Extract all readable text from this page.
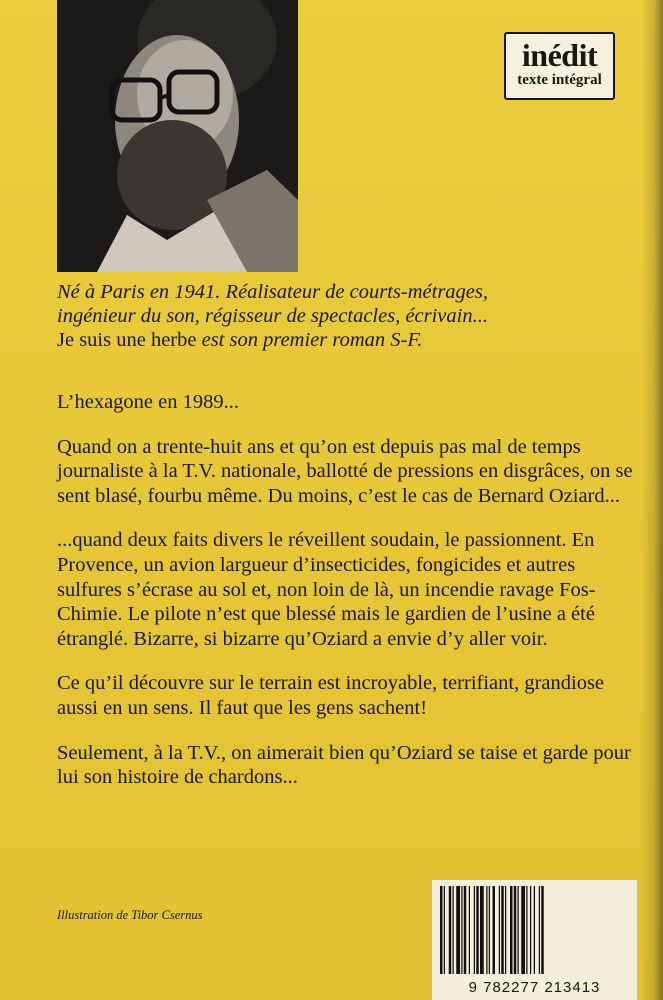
inédit
texte intégral

Né à Paris en 1941. Réalisateur de courts-métrages,

ingénieur du son, régisseur de spectacles, écrivain...

Je suis une herbe est son premier roman S-F.

L’hexagone en 1989...

Quand on a trente-huit ans et qu’on est depuis pas mal de temps journaliste à la T.V. nationale, ballotté de pressions en disgrâces, on se sent blasé, fourbu même. Du moins, c’est le cas de Bernard Oziard...

...quand deux faits divers le réveillent soudain, le passionnent. En Provence, un avion largueur d’insecticides, fongicides et autres sulfures s’écrase au sol et, non loin de là, un incendie ravage Fos-Chimie. Le pilote n’est que blessé mais le gardien de l’usine a été étranglé. Bizarre, si bizarre qu’Oziard a envie d’y aller voir.

Ce qu’il découvre sur le terrain est incroyable, terrifiant, grandiose aussi en un sens. Il faut que les gens sachent!

Seulement, à la T.V., on aimerait bien qu’Oziard se taise et garde pour lui son histoire de chardons...

Illustration de Tibor Csernus
9 782277 213413
